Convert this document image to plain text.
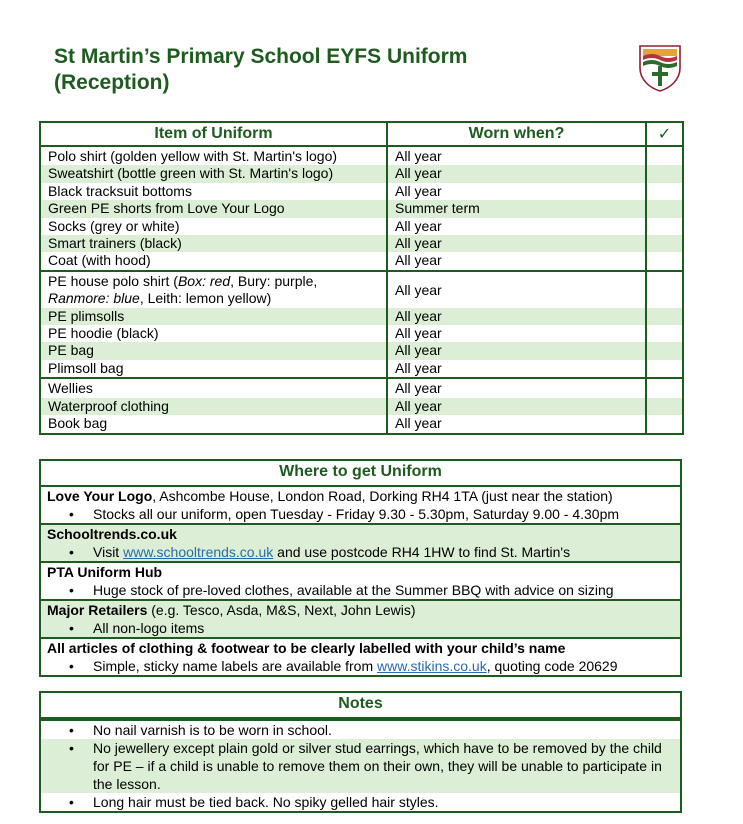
St Martin’s Primary School EYFS Uniform
(Reception)
Item of Uniform	Worn when?	✓
Polo shirt (golden yellow with St. Martin's logo)	All year	
Sweatshirt (bottle green with St. Martin's logo)	All year	
Black tracksuit bottoms	All year	
Green PE shorts from Love Your Logo	Summer term	
Socks (grey or white)	All year	
Smart trainers (black)	All year	
Coat (with hood)	All year	
PE house polo shirt (Box: red, Bury: purple,
Ranmore: blue, Leith: lemon yellow)	All year	
PE plimsolls	All year	
PE hoodie (black)	All year	
PE bag	All year	
Plimsoll bag	All year	
Wellies	All year	
Waterproof clothing	All year	
Book bag	All year	
Where to get Uniform
Love Your Logo, Ashcombe House, London Road, Dorking RH4 1TA (just near the station)
•	Stocks all our uniform, open Tuesday - Friday 9.30 - 5.30pm, Saturday 9.00 - 4.30pm
Schooltrends.co.uk
•	Visit www.schooltrends.co.uk and use postcode RH4 1HW to find St. Martin's
PTA Uniform Hub
•	Huge stock of pre-loved clothes, available at the Summer BBQ with advice on sizing
Major Retailers (e.g. Tesco, Asda, M&S, Next, John Lewis)
•	All non-logo items
All articles of clothing & footwear to be clearly labelled with your child’s name
•	Simple, sticky name labels are available from www.stikins.co.uk, quoting code 20629
Notes
•	No nail varnish is to be worn in school.
•	No jewellery except plain gold or silver stud earrings, which have to be removed by the child for PE – if a child is unable to remove them on their own, they will be unable to participate in the lesson.
•	Long hair must be tied back. No spiky gelled hair styles.
